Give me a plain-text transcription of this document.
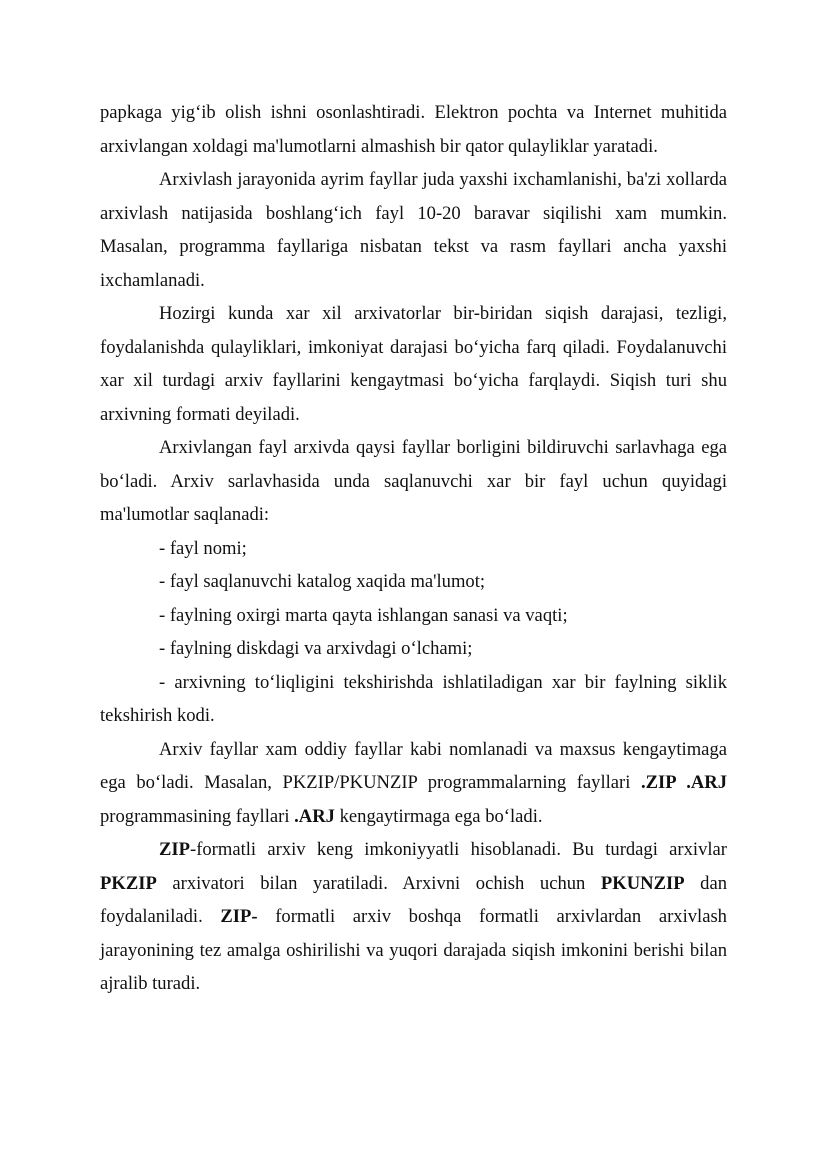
papkaga yig‘ib olish ishni osonlashtiradi. Elektron pochta va Internet muhitida arxivlangan xoldagi ma'lumotlarni almashish bir qator qulayliklar yaratadi.

Arxivlash jarayonida ayrim fayllar juda yaxshi ixchamlanishi, ba'zi xollarda arxivlash natijasida boshlang‘ich fayl 10-20 baravar siqilishi xam mumkin. Masalan, programma fayllariga nisbatan tekst va rasm fayllari ancha yaxshi ixchamlanadi.

Hozirgi kunda xar xil arxivatorlar bir-biridan siqish darajasi, tezligi, foydalanishda qulayliklari, imkoniyat darajasi bo‘yicha farq qiladi. Foydalanuvchi xar xil turdagi arxiv fayllarini kengaytmasi bo‘yicha farqlaydi. Siqish turi shu arxivning formati deyiladi.

Arxivlangan fayl arxivda qaysi fayllar borligini bildiruvchi sarlavhaga ega bo‘ladi. Arxiv sarlavhasida unda saqlanuvchi xar bir fayl uchun quyidagi ma'lumotlar saqlanadi:

- fayl nomi;

- fayl saqlanuvchi katalog xaqida ma'lumot;

- faylning oxirgi marta qayta ishlangan sanasi va vaqti;

- faylning diskdagi va arxivdagi o‘lchami;

- arxivning to‘liqligini tekshirishda ishlatiladigan xar bir faylning siklik tekshirish kodi.

Arxiv fayllar xam oddiy fayllar kabi nomlanadi va maxsus kengaytimaga ega bo‘ladi. Masalan, PKZIP/PKUNZIP programmalarning fayllari .ZIP .ARJ programmasining fayllari .ARJ kengaytirmaga ega bo‘ladi.

ZIP-formatli arxiv keng imkoniyyatli hisoblanadi. Bu turdagi arxivlar PKZIP arxivatori bilan yaratiladi. Arxivni ochish uchun PKUNZIP dan foydalaniladi. ZIP- formatli arxiv boshqa formatli arxivlardan arxivlash jarayonining tez amalga oshirilishi va yuqori darajada siqish imkonini berishi bilan ajralib turadi.
